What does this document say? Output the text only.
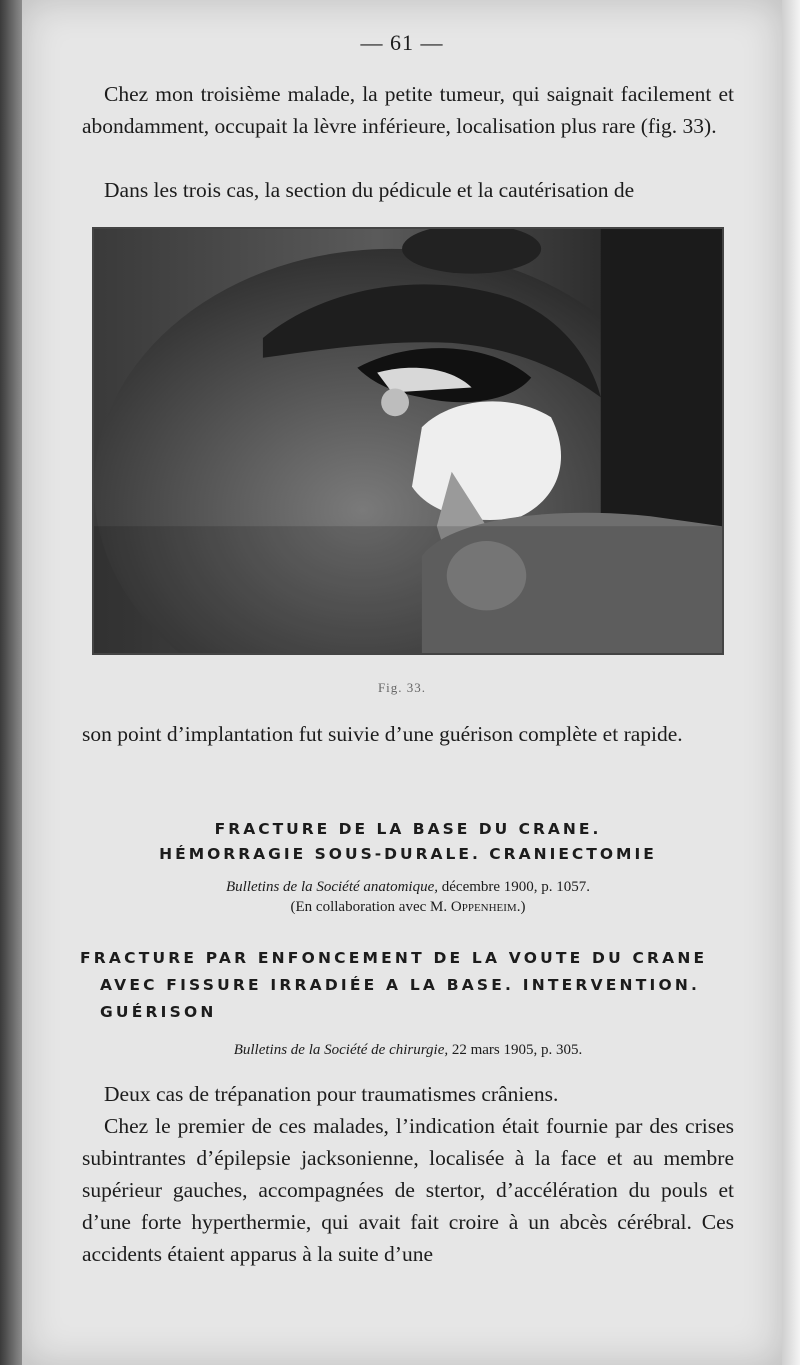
— 61 —

Chez mon troisième malade, la petite tumeur, qui saignait facilement et abondamment, occupait la lèvre inférieure, localisation plus rare (fig. 33).

Dans les trois cas, la section du pédicule et la cautérisation de

Fig. 33.

son point d’implantation fut suivie d’une guérison complète et rapide.

FRACTURE DE LA BASE DU CRANE.

HÉMORRAGIE SOUS-DURALE. CRANIECTOMIE

Bulletins de la Société anatomique, décembre 1900, p. 1057.

(En collaboration avec M. Oppenheim.)

FRACTURE PAR ENFONCEMENT DE LA VOUTE DU CRANE

AVEC FISSURE IRRADIÉE A LA BASE. INTERVENTION.

GUÉRISON

Bulletins de la Société de chirurgie, 22 mars 1905, p. 305.

Deux cas de trépanation pour traumatismes crâniens.

Chez le premier de ces malades, l’indication était fournie par des crises subintrantes d’épilepsie jacksonienne, localisée à la face et au membre supérieur gauches, accompagnées de stertor, d’accélération du pouls et d’une forte hyperthermie, qui avait fait croire à un abcès cérébral. Ces accidents étaient apparus à la suite d’une
